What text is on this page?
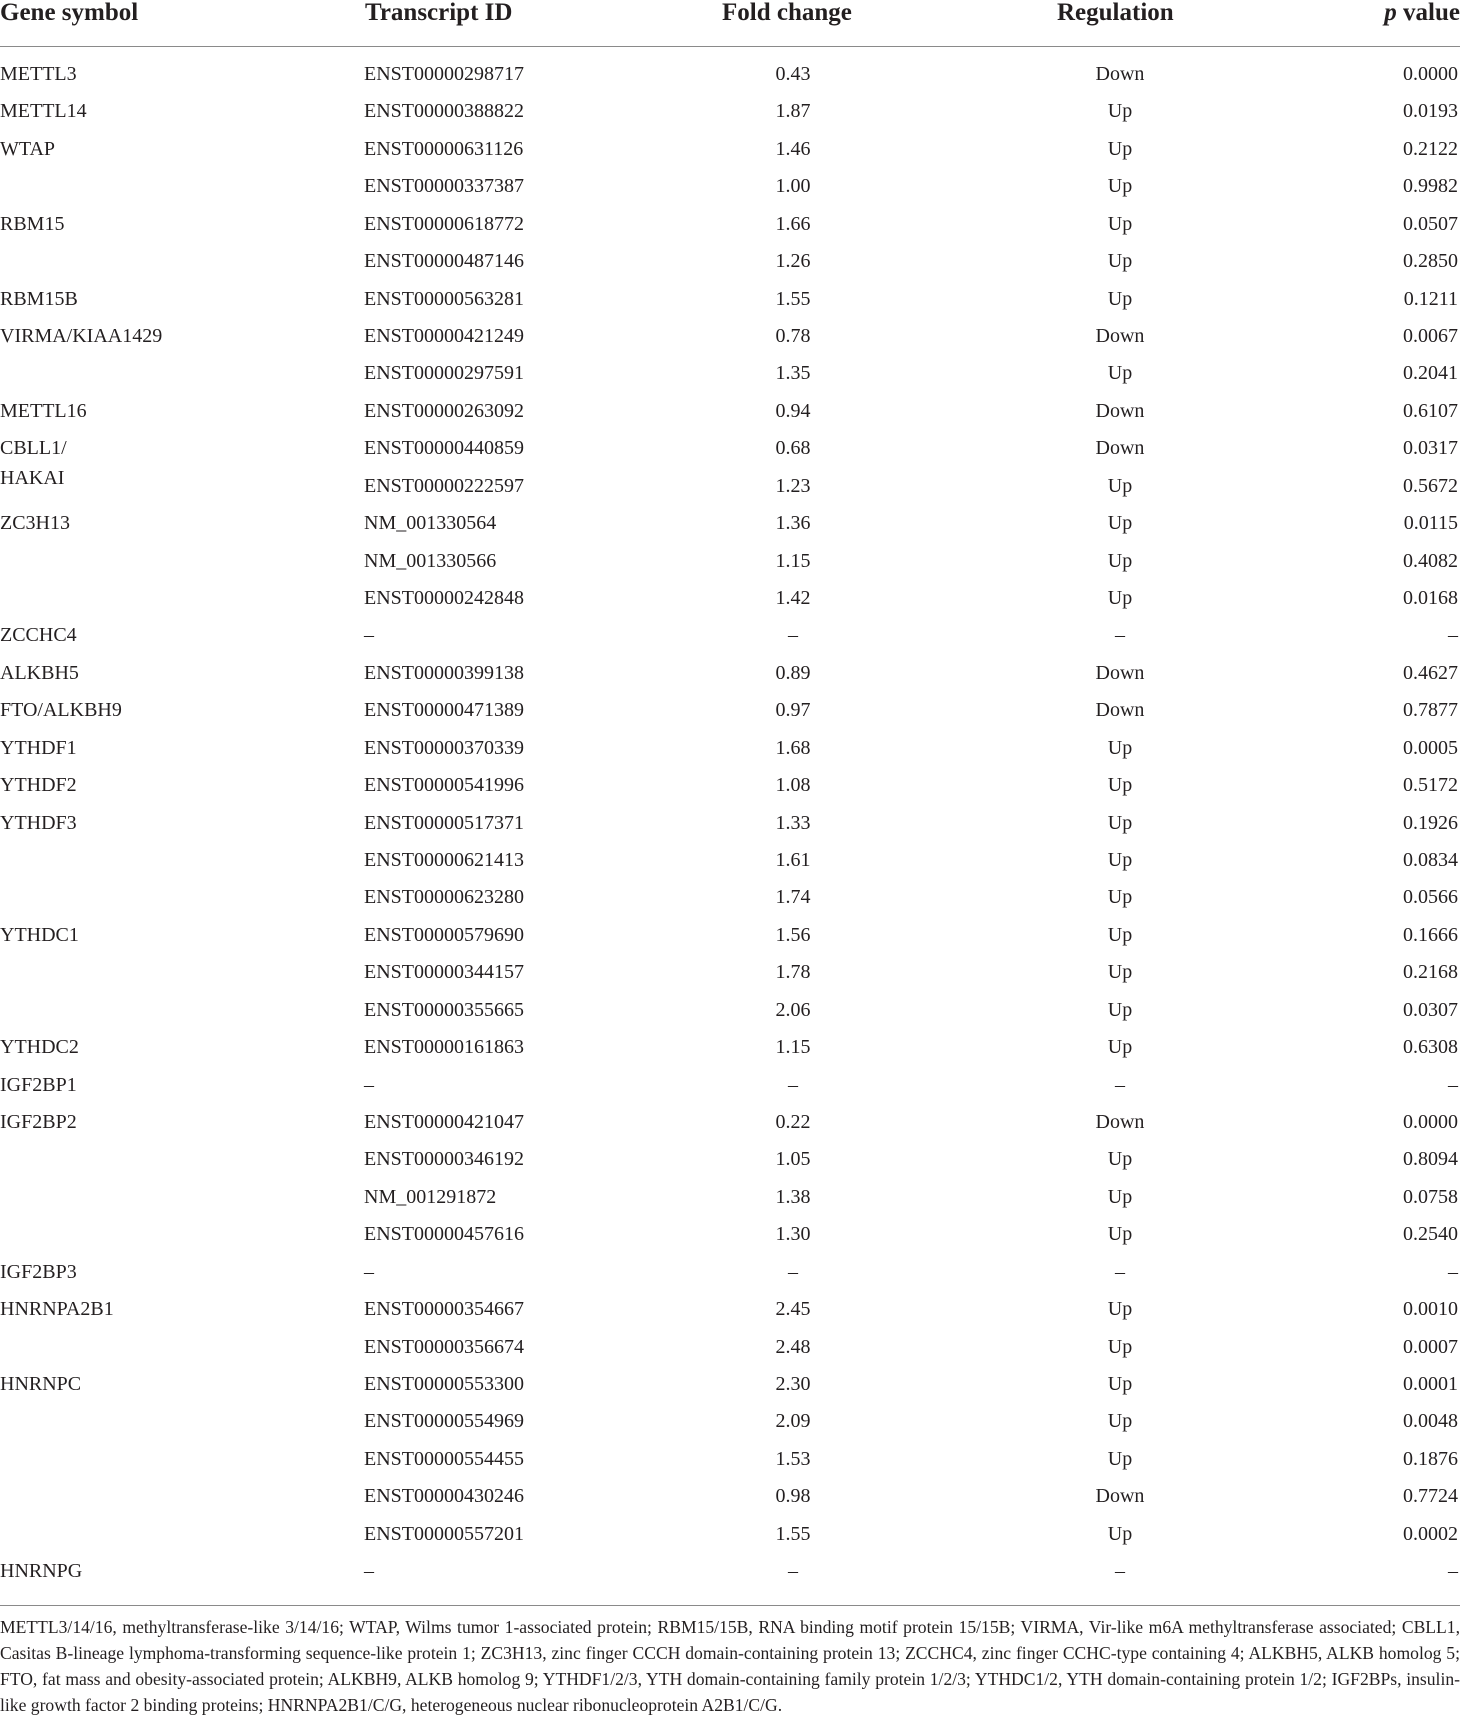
Gene symbol	Transcript ID	Fold change	Regulation	p value
METTL3	ENST00000298717	0.43	Down	0.0000
METTL14	ENST00000388822	1.87	Up	0.0193
WTAP	ENST00000631126	1.46	Up	0.2122
ENST00000337387	1.00	Up	0.9982
RBM15	ENST00000618772	1.66	Up	0.0507
ENST00000487146	1.26	Up	0.2850
RBM15B	ENST00000563281	1.55	Up	0.1211
VIRMA/KIAA1429	ENST00000421249	0.78	Down	0.0067
ENST00000297591	1.35	Up	0.2041
METTL16	ENST00000263092	0.94	Down	0.6107
CBLL1/
HAKAI
ENST00000440859	0.68	Down	0.0317
ENST00000222597	1.23	Up	0.5672
ZC3H13	NM_001330564	1.36	Up	0.0115
NM_001330566	1.15	Up	0.4082
ENST00000242848	1.42	Up	0.0168
ZCCHC4	–	–	–	–
ALKBH5	ENST00000399138	0.89	Down	0.4627
FTO/ALKBH9	ENST00000471389	0.97	Down	0.7877
YTHDF1	ENST00000370339	1.68	Up	0.0005
YTHDF2	ENST00000541996	1.08	Up	0.5172
YTHDF3	ENST00000517371	1.33	Up	0.1926
ENST00000621413	1.61	Up	0.0834
ENST00000623280	1.74	Up	0.0566
YTHDC1	ENST00000579690	1.56	Up	0.1666
ENST00000344157	1.78	Up	0.2168
ENST00000355665	2.06	Up	0.0307
YTHDC2	ENST00000161863	1.15	Up	0.6308
IGF2BP1	–	–	–	–
IGF2BP2	ENST00000421047	0.22	Down	0.0000
ENST00000346192	1.05	Up	0.8094
NM_001291872	1.38	Up	0.0758
ENST00000457616	1.30	Up	0.2540
IGF2BP3	–	–	–	–
HNRNPA2B1	ENST00000354667	2.45	Up	0.0010
ENST00000356674	2.48	Up	0.0007
HNRNPC	ENST00000553300	2.30	Up	0.0001
ENST00000554969	2.09	Up	0.0048
ENST00000554455	1.53	Up	0.1876
ENST00000430246	0.98	Down	0.7724
ENST00000557201	1.55	Up	0.0002
HNRNPG	–	–	–	–
METTL3/14/16, methyltransferase-like 3/14/16; WTAP, Wilms tumor 1-associated protein; RBM15/15B, RNA binding motif protein 15/15B; VIRMA, Vir-like m6A methyltransferase associated; CBLL1, Casitas B-lineage lymphoma-transforming sequence-like protein 1; ZC3H13, zinc finger CCCH domain-containing protein 13; ZCCHC4, zinc finger CCHC-type containing 4; ALKBH5, ALKB homolog 5; FTO, fat mass and obesity-associated protein; ALKBH9, ALKB homolog 9; YTHDF1/2/3, YTH domain-containing family protein 1/2/3; YTHDC1/2, YTH domain-containing protein 1/2; IGF2BPs, insulin-like growth factor 2 binding proteins; HNRNPA2B1/C/G, heterogeneous nuclear ribonucleoprotein A2B1/C/G.
